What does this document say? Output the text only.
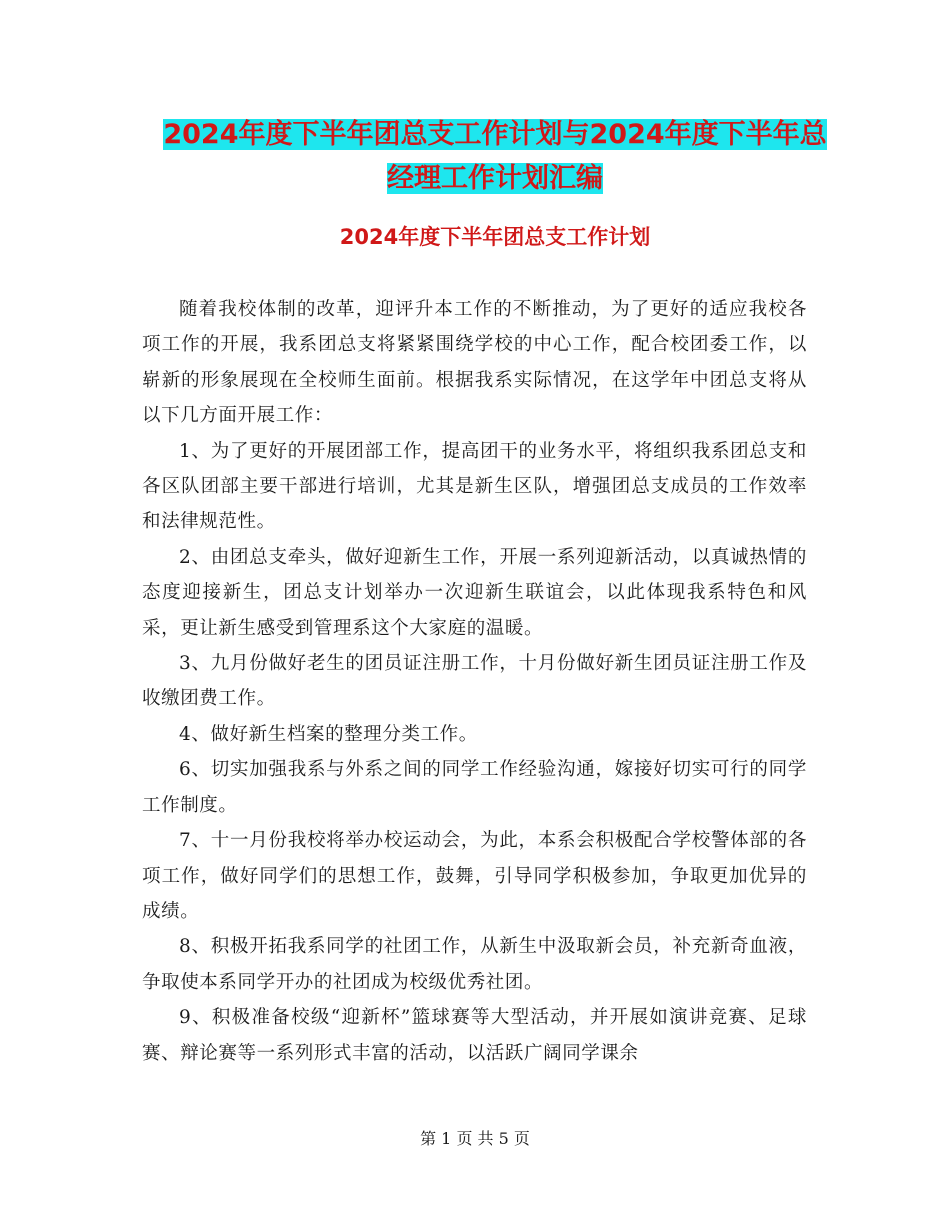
2024年度下半年团总支工作计划与2024年度下半年总
经理工作计划汇编
2024年度下半年团总支工作计划

随着我校体制的改革，迎评升本工作的不断推动，为了更好的适应我校各项工作的开展，我系团总支将紧紧围绕学校的中心工作，配合校团委工作，以崭新的形象展现在全校师生面前。根据我系实际情况，在这学年中团总支将从以下几方面开展工作：

1、为了更好的开展团部工作，提高团干的业务水平，将组织我系团总支和各区队团部主要干部进行培训，尤其是新生区队，增强团总支成员的工作效率和法律规范性。

2、由团总支牵头，做好迎新生工作，开展一系列迎新活动，以真诚热情的态度迎接新生，团总支计划举办一次迎新生联谊会，以此体现我系特色和风采，更让新生感受到管理系这个大家庭的温暖。

3、九月份做好老生的团员证注册工作，十月份做好新生团员证注册工作及收缴团费工作。

4、做好新生档案的整理分类工作。

6、切实加强我系与外系之间的同学工作经验沟通，嫁接好切实可行的同学工作制度。

7、十一月份我校将举办校运动会，为此，本系会积极配合学校警体部的各项工作，做好同学们的思想工作，鼓舞，引导同学积极参加，争取更加优异的成绩。

8、积极开拓我系同学的社团工作，从新生中汲取新会员，补充新奇血液，争取使本系同学开办的社团成为校级优秀社团。

9、积极准备校级“迎新杯”篮球赛等大型活动，并开展如演讲竞赛、足球赛、辩论赛等一系列形式丰富的活动，以活跃广阔同学课余

第 1 页 共 5 页
